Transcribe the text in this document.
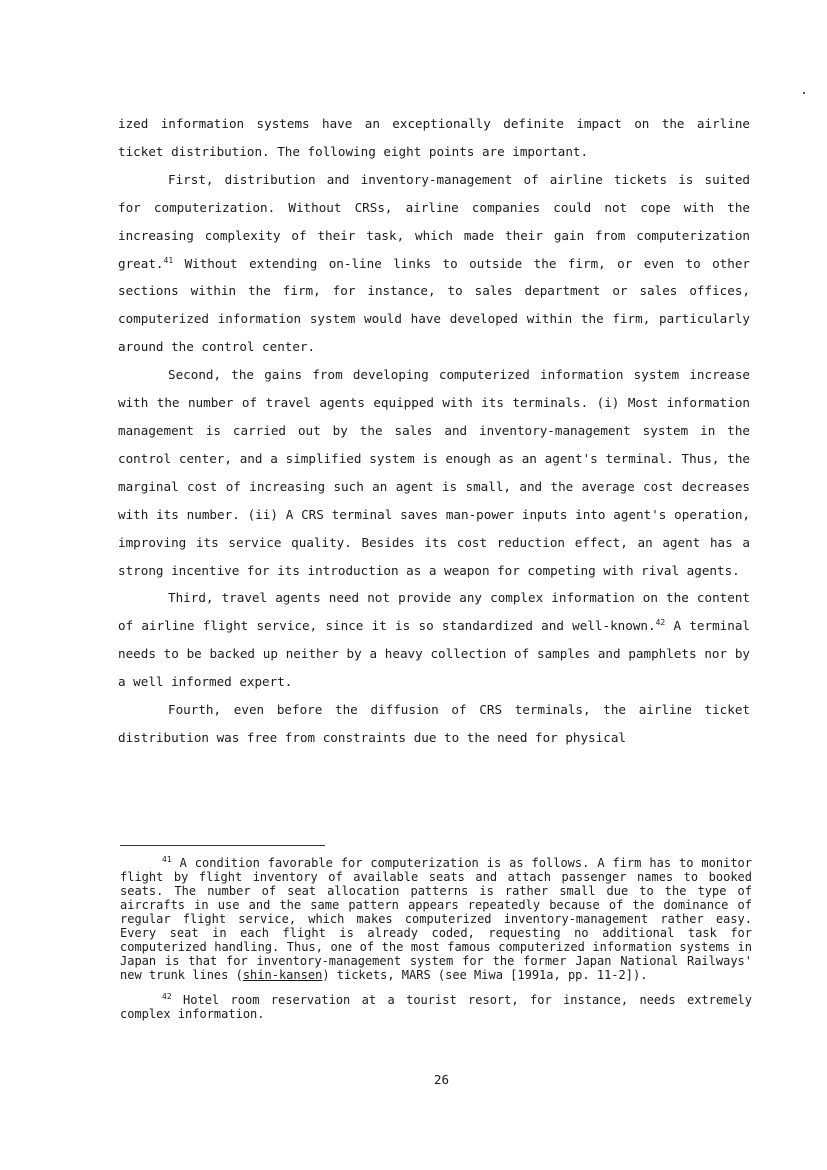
ized information systems have an exceptionally definite impact on the airline ticket distribution. The following eight points are important.

First, distribution and inventory-management of airline tickets is suited for computerization. Without CRSs, airline companies could not cope with the increasing complexity of their task, which made their gain from computerization great.$^{41}$ Without extending on-line links to outside the firm, or even to other sections within the firm, for instance, to sales department or sales offices, computerized information system would have developed within the firm, particularly around the control center.

Second, the gains from developing computerized information system increase with the number of travel agents equipped with its terminals. (i) Most information management is carried out by the sales and inventory-management system in the control center, and a simplified system is enough as an agent's terminal. Thus, the marginal cost of increasing such an agent is small, and the average cost decreases with its number. (ii) A CRS terminal saves man-power inputs into agent's operation, improving its service quality. Besides its cost reduction effect, an agent has a strong incentive for its introduction as a weapon for competing with rival agents.

Third, travel agents need not provide any complex information on the content of airline flight service, since it is so standardized and well-known.$^{42}$ A terminal needs to be backed up neither by a heavy collection of samples and pamphlets nor by a well informed expert.

Fourth, even before the diffusion of CRS terminals, the airline ticket distribution was free from constraints due to the need for physical

$^{41}$ A condition favorable for computerization is as follows. A firm has to monitor flight by flight inventory of available seats and attach passenger names to booked seats. The number of seat allocation patterns is rather small due to the type of aircrafts in use and the same pattern appears repeatedly because of the dominance of regular flight service, which makes computerized inventory-management rather easy. Every seat in each flight is already coded, requesting no additional task for computerized handling. Thus, one of the most famous computerized information systems in Japan is that for inventory-management system for the former Japan National Railways' new trunk lines (shin-kansen) tickets, MARS (see Miwa [1991a, pp. 11-2]).

$^{42}$ Hotel room reservation at a tourist resort, for instance, needs extremely complex information.

26
